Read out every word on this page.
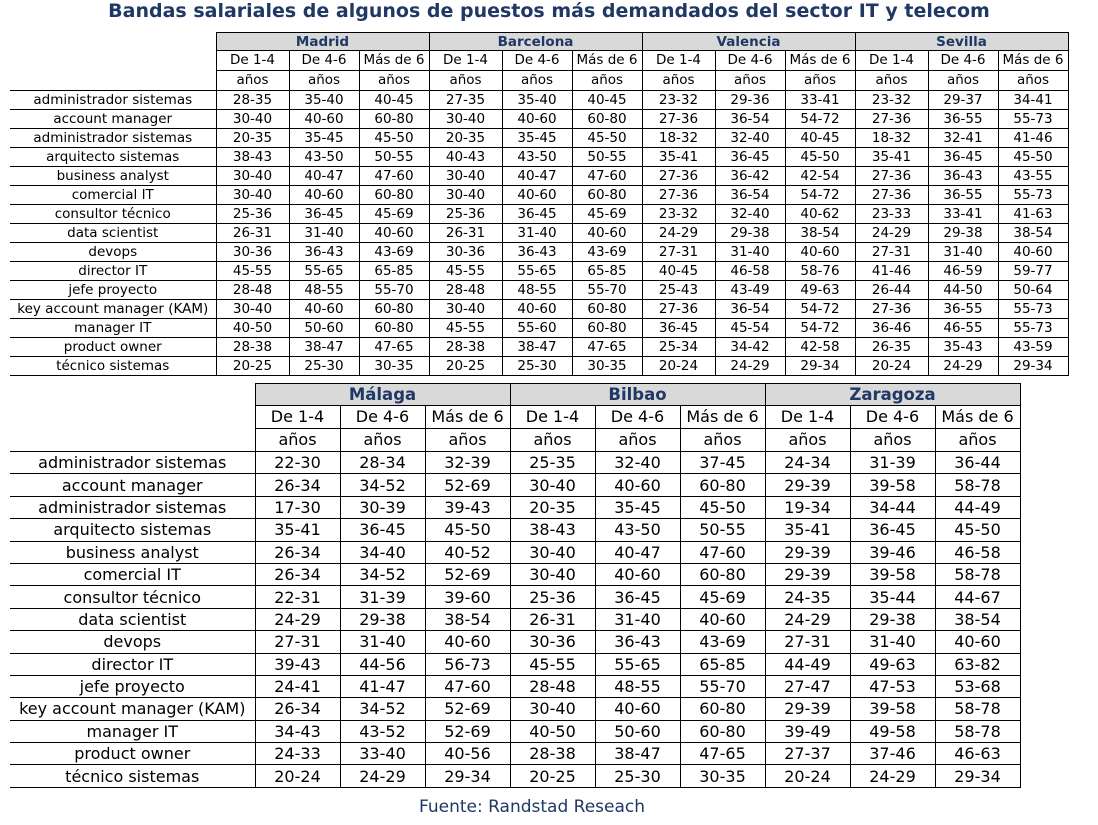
Bandas salariales de algunos de puestos más demandados del sector IT y telecom
	Madrid			Barcelona			Valencia			Sevilla		
	De 1-4	De 4-6	Más de 6	De 1-4	De 4-6	Más de 6	De 1-4	De 4-6	Más de 6	De 1-4	De 4-6	Más de 6
	años	años	años	años	años	años	años	años	años	años	años	años
administrador sistemas	28-35	35-40	40-45	27-35	35-40	40-45	23-32	29-36	33-41	23-32	29-37	34-41
account manager	30-40	40-60	60-80	30-40	40-60	60-80	27-36	36-54	54-72	27-36	36-55	55-73
administrador sistemas	20-35	35-45	45-50	20-35	35-45	45-50	18-32	32-40	40-45	18-32	32-41	41-46
arquitecto sistemas	38-43	43-50	50-55	40-43	43-50	50-55	35-41	36-45	45-50	35-41	36-45	45-50
business analyst	30-40	40-47	47-60	30-40	40-47	47-60	27-36	36-42	42-54	27-36	36-43	43-55
comercial IT	30-40	40-60	60-80	30-40	40-60	60-80	27-36	36-54	54-72	27-36	36-55	55-73
consultor técnico	25-36	36-45	45-69	25-36	36-45	45-69	23-32	32-40	40-62	23-33	33-41	41-63
data scientist	26-31	31-40	40-60	26-31	31-40	40-60	24-29	29-38	38-54	24-29	29-38	38-54
devops	30-36	36-43	43-69	30-36	36-43	43-69	27-31	31-40	40-60	27-31	31-40	40-60
director IT	45-55	55-65	65-85	45-55	55-65	65-85	40-45	46-58	58-76	41-46	46-59	59-77
jefe proyecto	28-48	48-55	55-70	28-48	48-55	55-70	25-43	43-49	49-63	26-44	44-50	50-64
key account manager (KAM)	30-40	40-60	60-80	30-40	40-60	60-80	27-36	36-54	54-72	27-36	36-55	55-73
manager IT	40-50	50-60	60-80	45-55	55-60	60-80	36-45	45-54	54-72	36-46	46-55	55-73
product owner	28-38	38-47	47-65	28-38	38-47	47-65	25-34	34-42	42-58	26-35	35-43	43-59
técnico sistemas	20-25	25-30	30-35	20-25	25-30	30-35	20-24	24-29	29-34	20-24	24-29	29-34
	Málaga			Bilbao			Zaragoza		
	De 1-4	De 4-6	Más de 6	De 1-4	De 4-6	Más de 6	De 1-4	De 4-6	Más de 6
	años	años	años	años	años	años	años	años	años
administrador sistemas	22-30	28-34	32-39	25-35	32-40	37-45	24-34	31-39	36-44
account manager	26-34	34-52	52-69	30-40	40-60	60-80	29-39	39-58	58-78
administrador sistemas	17-30	30-39	39-43	20-35	35-45	45-50	19-34	34-44	44-49
arquitecto sistemas	35-41	36-45	45-50	38-43	43-50	50-55	35-41	36-45	45-50
business analyst	26-34	34-40	40-52	30-40	40-47	47-60	29-39	39-46	46-58
comercial IT	26-34	34-52	52-69	30-40	40-60	60-80	29-39	39-58	58-78
consultor técnico	22-31	31-39	39-60	25-36	36-45	45-69	24-35	35-44	44-67
data scientist	24-29	29-38	38-54	26-31	31-40	40-60	24-29	29-38	38-54
devops	27-31	31-40	40-60	30-36	36-43	43-69	27-31	31-40	40-60
director IT	39-43	44-56	56-73	45-55	55-65	65-85	44-49	49-63	63-82
jefe proyecto	24-41	41-47	47-60	28-48	48-55	55-70	27-47	47-53	53-68
key account manager (KAM)	26-34	34-52	52-69	30-40	40-60	60-80	29-39	39-58	58-78
manager IT	34-43	43-52	52-69	40-50	50-60	60-80	39-49	49-58	58-78
product owner	24-33	33-40	40-56	28-38	38-47	47-65	27-37	37-46	46-63
técnico sistemas	20-24	24-29	29-34	20-25	25-30	30-35	20-24	24-29	29-34
Fuente: Randstad Reseach
